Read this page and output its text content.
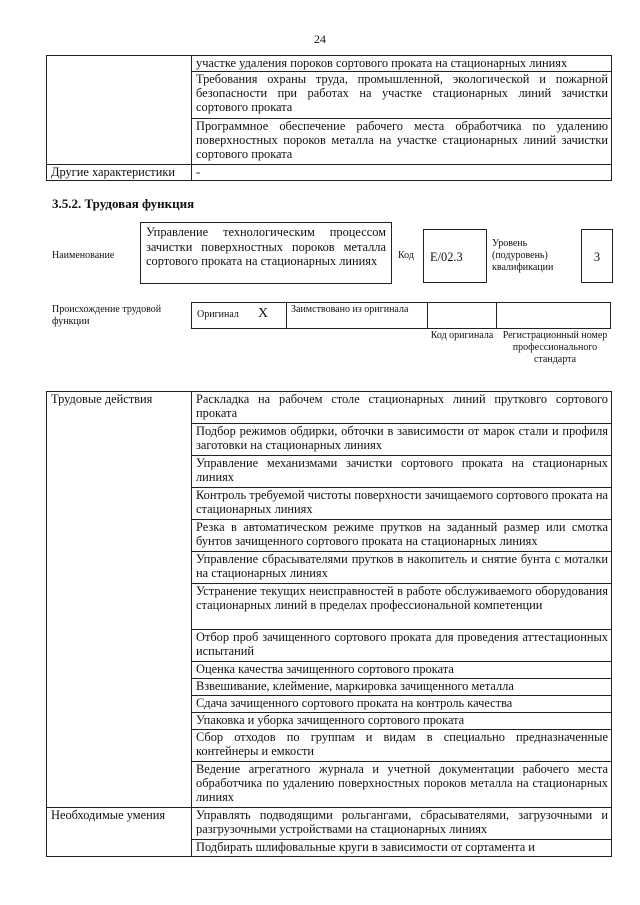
24
	участке удаления пороков сортового проката на стационарных линиях
	Требования охраны труда, промышленной, экологической и пожарной безопасности при работах на участке стационарных линий зачистки сортового проката
	Программное обеспечение рабочего места обработчика по удалению поверхностных пороков металла на участке стационарных линий зачистки сортового проката
Другие характеристики	-
3.5.2. Трудовая функция
Наименование
Управление технологическим процессом зачистки поверхностных пороков металла сортового проката на стационарных линиях	Код E/02.3
Уровень (подуровень) квалификации
3
Происхождение трудовой функции
Оригинал X Заимствовано из оригинала
Код оригинала Регистрационный номер профессионального стандарта
Трудовые действия	Раскладка на рабочем столе стационарных линий прутковго сортового проката
	Подбор режимов обдирки, обточки в зависимости от марок стали и профиля заготовки на стационарных линиях
	Управление механизмами зачистки сортового проката на стационарных линиях
	Контроль требуемой чистоты поверхности зачищаемого сортового проката на стационарных линиях
	Резка в автоматическом режиме прутков на заданный размер или смотка бунтов зачищенного сортового проката на стационарных линиях
	Управление сбрасывателями прутков в накопитель и снятие бунта с моталки на стационарных линиях
	Устранение текущих неисправностей в работе обслуживаемого оборудования стационарных линий в пределах профессиональной компетенции
	Отбор проб зачищенного сортового проката для проведения аттестационных испытаний
	Оценка качества зачищенного сортового проката
	Взвешивание, клеймение, маркировка зачищенного металла
	Сдача зачищенного сортового проката на контроль качества
	Упаковка и уборка зачищенного сортового проката
	Сбор отходов по группам и видам в специально предназначенные контейнеры и емкости
	Ведение агрегатного журнала и учетной документации рабочего места обработчика по удалению поверхностных пороков металла на стационарных линиях
Необходимые умения	Управлять подводящими рольгангами, сбрасывателями, загрузочными и разгрузочными устройствами на стационарных линиях
	Подбирать шлифовальные круги в зависимости от сортамента и
